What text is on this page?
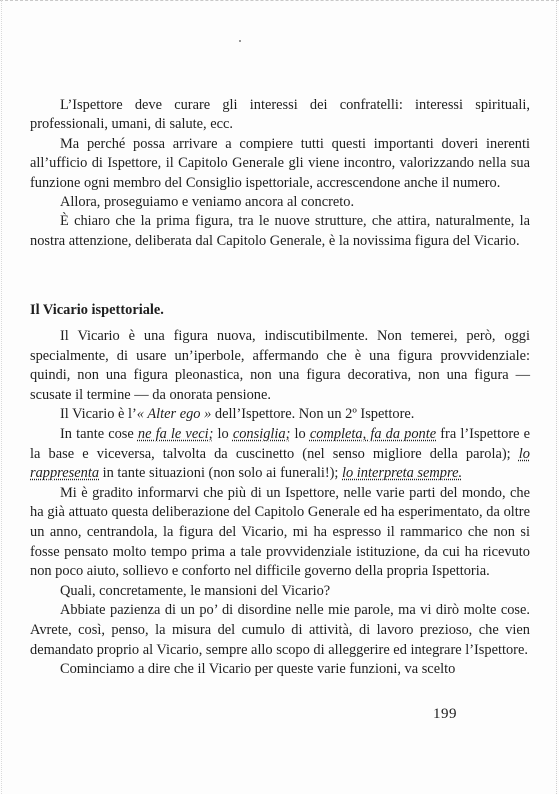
L’Ispettore deve curare gli interessi dei confratelli: interessi spirituali, professionali, umani, di salute, ecc.

Ma perché possa arrivare a compiere tutti questi importanti doveri inerenti all’ufficio di Ispettore, il Capitolo Generale gli viene incontro, valorizzando nella sua funzione ogni membro del Consiglio ispettoriale, accrescendone anche il numero.

Allora, proseguiamo e veniamo ancora al concreto.

È chiaro che la prima figura, tra le nuove strutture, che attira, naturalmente, la nostra attenzione, deliberata dal Capitolo Generale, è la novissima figura del Vicario.

Il Vicario ispettoriale.

Il Vicario è una figura nuova, indiscutibilmente. Non temerei, però, oggi specialmente, di usare un’iperbole, affermando che è una figura provvidenziale: quindi, non una figura pleonastica, non una figura decorativa, non una figura — scusate il termine — da onorata pensione.

Il Vicario è l’« Alter ego » dell’Ispettore. Non un 2º Ispettore.

In tante cose ne fa le veci; lo consiglia; lo completa, fa da ponte fra l’Ispettore e la base e viceversa, talvolta da cuscinetto (nel senso migliore della parola); lo rappresenta in tante situazioni (non solo ai funerali!); lo interpreta sempre.

Mi è gradito informarvi che più di un Ispettore, nelle varie parti del mondo, che ha già attuato questa deliberazione del Capitolo Generale ed ha esperimentato, da oltre un anno, centrandola, la figura del Vicario, mi ha espresso il rammarico che non si fosse pensato molto tempo prima a tale provvidenziale istituzione, da cui ha ricevuto non poco aiuto, sollievo e conforto nel difficile governo della propria Ispettoria.

Quali, concretamente, le mansioni del Vicario?

Abbiate pazienza di un po’ di disordine nelle mie parole, ma vi dirò molte cose. Avrete, così, penso, la misura del cumulo di attività, di lavoro prezioso, che vien demandato proprio al Vicario, sempre allo scopo di alleggerire ed integrare l’Ispettore.

Cominciamo a dire che il Vicario per queste varie funzioni, va scelto

199
